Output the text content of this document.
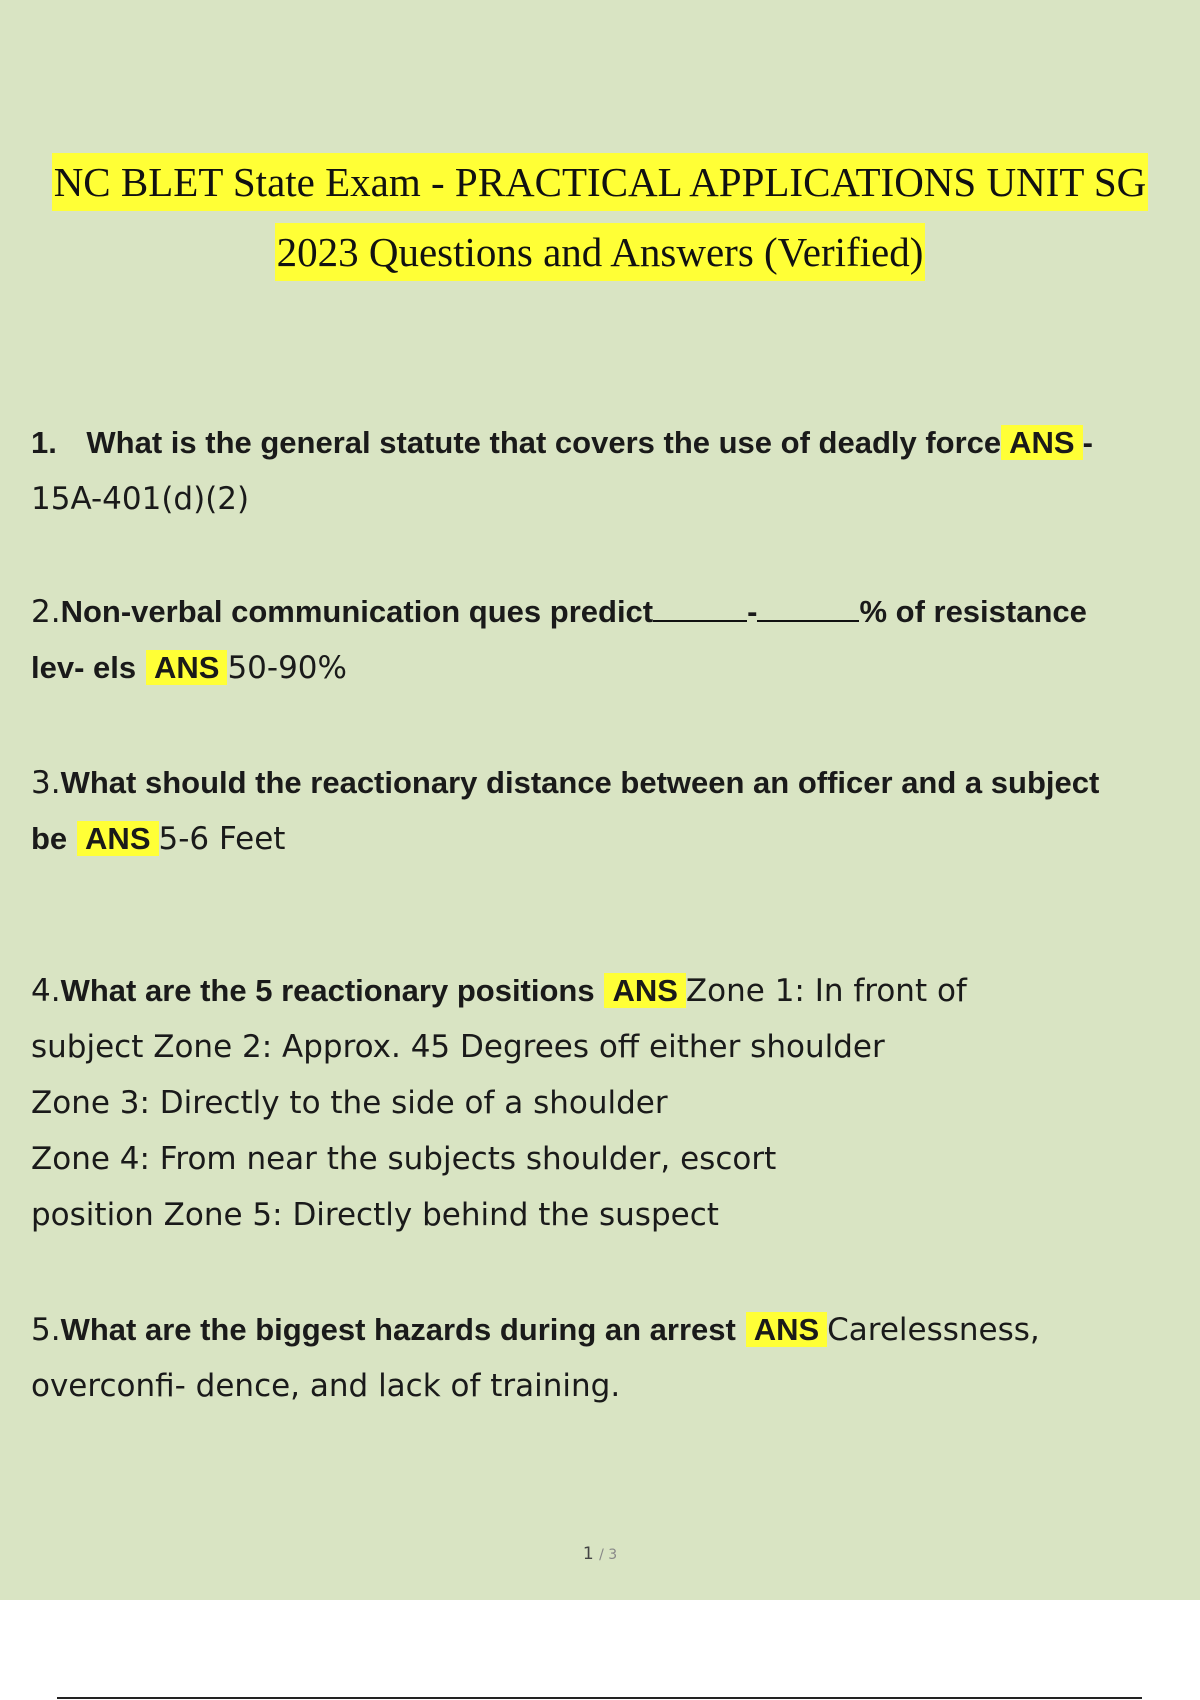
NC BLET State Exam - PRACTICAL APPLICATIONS UNIT SG
2023 Questions and Answers (Verified)
1. What is the general statute that covers the use of deadly force ANS -
15A-401(d)(2)
2.Non-verbal communication ques predict	-	% of resistance
lev- els ANS 50-90%
3.What should the reactionary distance between an officer and a subject
be ANS 5-6 Feet
4.What are the 5 reactionary positions ANS Zone 1: In front of
subject Zone 2: Approx. 45 Degrees off either shoulder
Zone 3: Directly to the side of a shoulder
Zone 4: From near the subjects shoulder, escort
position Zone 5: Directly behind the suspect
5.What are the biggest hazards during an arrest ANS Carelessness,
overconfi- dence, and lack of training.
1 / 3
